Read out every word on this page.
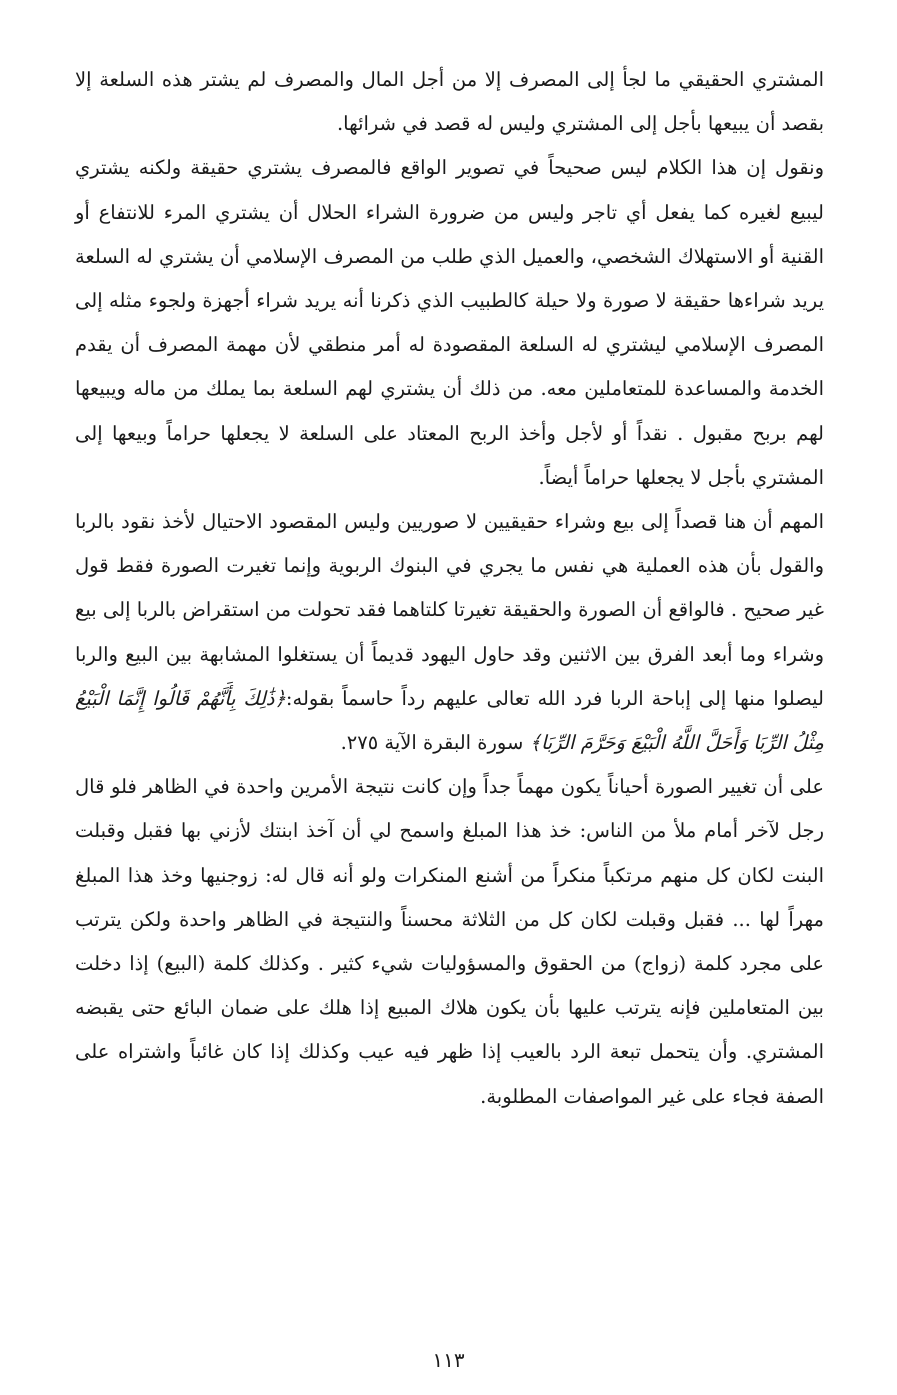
المشتري الحقيقي ما لجأ إلى المصرف إلا من أجل المال والمصرف لم يشتر هذه السلعة إلا بقصد أن يبيعها بأجل إلى المشتري وليس له قصد في شرائها.

ونقول إن هذا الكلام ليس صحيحاً في تصوير الواقع فالمصرف يشتري حقيقة ولكنه يشتري ليبيع لغيره كما يفعل أي تاجر وليس من ضرورة الشراء الحلال أن يشتري المرء للانتفاع أو القنية أو الاستهلاك الشخصي، والعميل الذي طلب من المصرف الإسلامي أن يشتري له السلعة يريد شراءها حقيقة لا صورة ولا حيلة كالطبيب الذي ذكرنا أنه يريد شراء أجهزة ولجوء مثله إلى المصرف الإسلامي ليشتري له السلعة المقصودة له أمر منطقي لأن مهمة المصرف أن يقدم الخدمة والمساعدة للمتعاملين معه. من ذلك أن يشتري لهم السلعة بما يملك من ماله ويبيعها لهم بربح مقبول . نقداً أو لأجل وأخذ الربح المعتاد على السلعة لا يجعلها حراماً وبيعها إلى المشتري بأجل لا يجعلها حراماً أيضاً.

المهم أن هنا قصداً إلى بيع وشراء حقيقيين لا صوريين وليس المقصود الاحتيال لأخذ نقود بالربا والقول بأن هذه العملية هي نفس ما يجري في البنوك الربوية وإنما تغيرت الصورة فقط قول غير صحيح . فالواقع أن الصورة والحقيقة تغيرتا كلتاهما فقد تحولت من استقراض بالربا إلى بيع وشراء وما أبعد الفرق بين الاثنين وقد حاول اليهود قديماً أن يستغلوا المشابهة بين البيع والربا ليصلوا منها إلى إباحة الربا فرد الله تعالى عليهم رداً حاسماً بقوله:﴿ذَٰلِكَ بِأَنَّهُمْ قَالُوا إِنَّمَا الْبَيْعُ مِثْلُ الرِّبَا وَأَحَلَّ اللَّهُ الْبَيْعَ وَحَرَّمَ الرِّبَا﴾ سورة البقرة الآية ٢٧٥.

على أن تغيير الصورة أحياناً يكون مهماً جداً وإن كانت نتيجة الأمرين واحدة في الظاهر فلو قال رجل لآخر أمام ملأ من الناس: خذ هذا المبلغ واسمح لي أن آخذ ابنتك لأزني بها فقبل وقبلت البنت لكان كل منهم مرتكباً منكراً من أشنع المنكرات ولو أنه قال له: زوجنيها وخذ هذا المبلغ مهراً لها ... فقبل وقبلت لكان كل من الثلاثة محسناً والنتيجة في الظاهر واحدة ولكن يترتب على مجرد كلمة (زواج) من الحقوق والمسؤوليات شيء كثير . وكذلك كلمة (البيع) إذا دخلت بين المتعاملين فإنه يترتب عليها بأن يكون هلاك المبيع إذا هلك على ضمان البائع حتى يقبضه المشتري. وأن يتحمل تبعة الرد بالعيب إذا ظهر فيه عيب وكذلك إذا كان غائباً واشتراه على الصفة فجاء على غير المواصفات المطلوبة.

١١٣
